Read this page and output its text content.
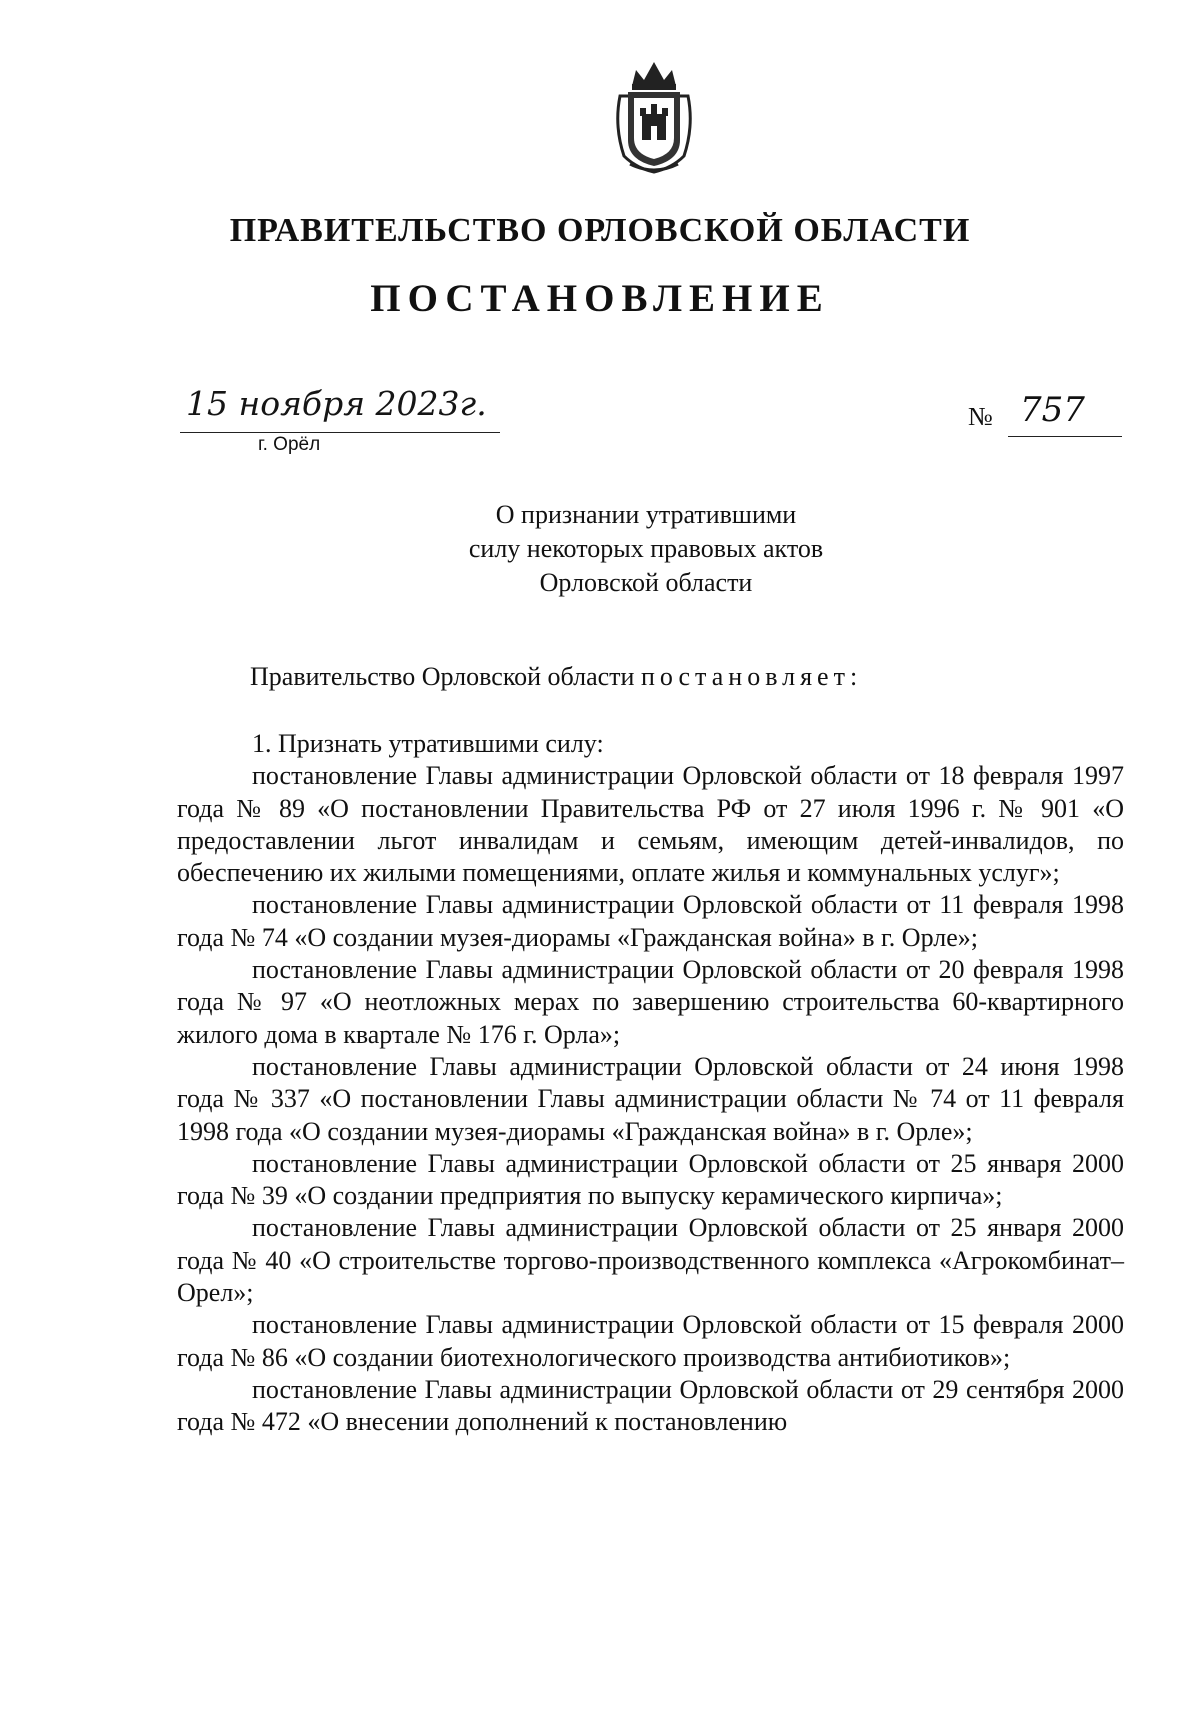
ПРАВИТЕЛЬСТВО ОРЛОВСКОЙ ОБЛАСТИ
ПОСТАНОВЛЕНИЕ
15 ноября 2023г.
г. Орёл
№ 757
О признании утратившими
силу некоторых правовых актов
Орловской области
Правительство Орловской области постановляет:

1. Признать утратившими силу:

постановление Главы администрации Орловской области от 18 февраля 1997 года № 89 «О постановлении Правительства РФ от 27 июля 1996 г. № 901 «О предоставлении льгот инвалидам и семьям, имеющим детей-инвалидов, по обеспечению их жилыми помещениями, оплате жилья и коммунальных услуг»;

постановление Главы администрации Орловской области от 11 февраля 1998 года № 74 «О создании музея-диорамы «Гражданская война» в г. Орле»;

постановление Главы администрации Орловской области от 20 февраля 1998 года № 97 «О неотложных мерах по завершению строительства 60-квартирного жилого дома в квартале № 176 г. Орла»;

постановление Главы администрации Орловской области от 24 июня 1998 года № 337 «О постановлении Главы администрации области № 74 от 11 февраля 1998 года «О создании музея-диорамы «Гражданская война» в г. Орле»;

постановление Главы администрации Орловской области от 25 января 2000 года № 39 «О создании предприятия по выпуску керамического кирпича»;

постановление Главы администрации Орловской области от 25 января 2000 года № 40 «О строительстве торгово-производственного комплекса «Агрокомбинат–Орел»;

постановление Главы администрации Орловской области от 15 февраля 2000 года № 86 «О создании биотехнологического производства антибиотиков»;

постановление Главы администрации Орловской области от 29 сентября 2000 года № 472 «О внесении дополнений к постановлению
